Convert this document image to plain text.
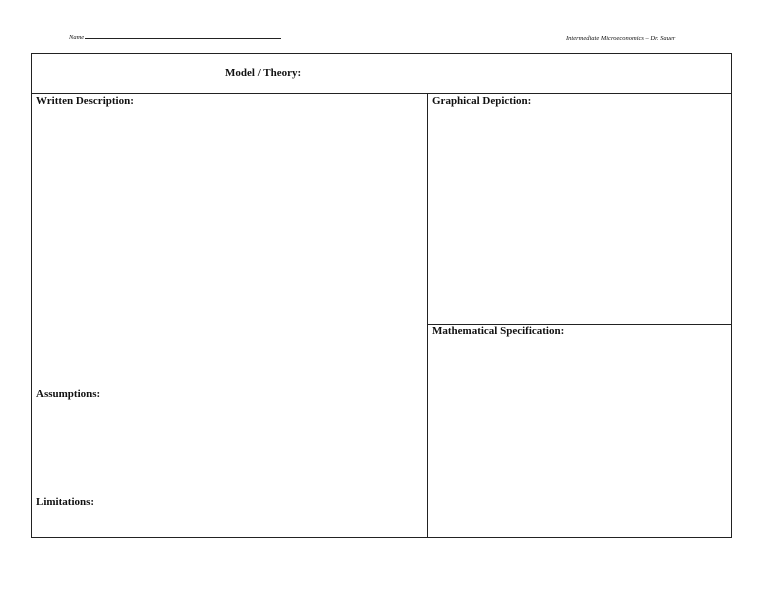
Name	Intermediate Microeconomics – Dr. Sauer
Model / Theory:
Written Description:
Assumptions:
Limitations:
Graphical Depiction:
Mathematical Specification:
